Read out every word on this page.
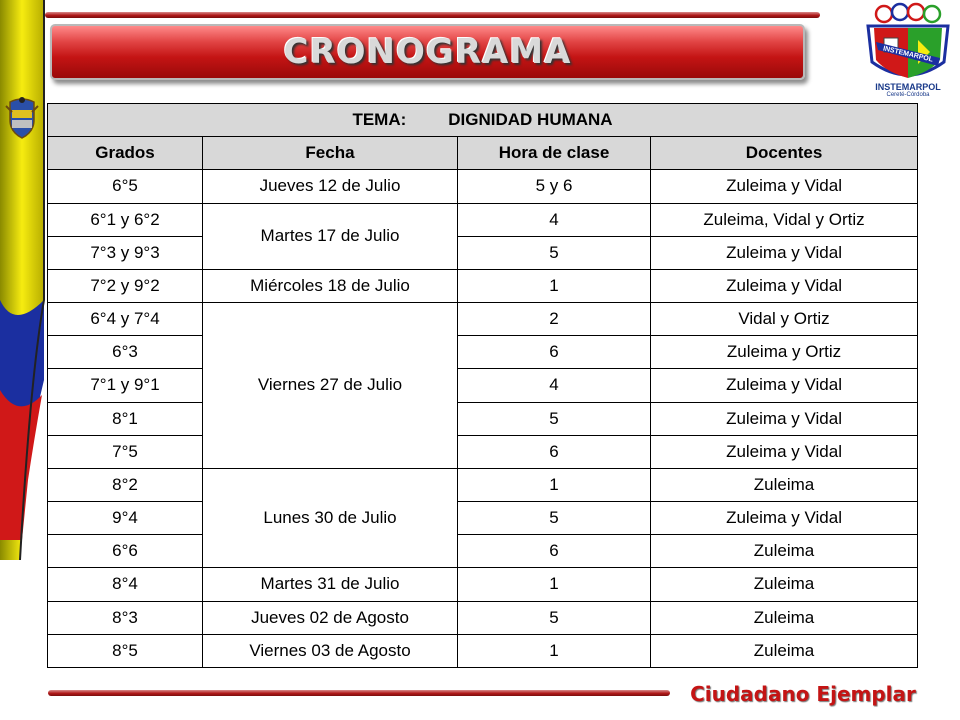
CRONOGRAMA	INSTEMARPOL
INSTEMARPOL
Cereté-Córdoba
TEMA: DIGNIDAD HUMANA			
Grados	Fecha	Hora de clase	Docentes
6°5	Jueves 12 de Julio	5 y 6	Zuleima y Vidal
6°1 y 6°2	Martes 17 de Julio	4	Zuleima, Vidal y Ortiz
7°3 y 9°3		5	Zuleima y Vidal
7°2 y 9°2	Miércoles 18 de Julio	1	Zuleima y Vidal
6°4 y 7°4	Viernes 27 de Julio	2	Vidal y Ortiz
6°3		6	Zuleima y Ortiz
7°1 y 9°1		4	Zuleima y Vidal
8°1		5	Zuleima y Vidal
7°5		6	Zuleima y Vidal
8°2	Lunes 30 de Julio	1	Zuleima
9°4		5	Zuleima y Vidal
6°6		6	Zuleima
8°4	Martes 31 de Julio	1	Zuleima
8°3	Jueves 02 de Agosto	5	Zuleima
8°5	Viernes 03 de Agosto	1	Zuleima
Ciudadano Ejemplar
